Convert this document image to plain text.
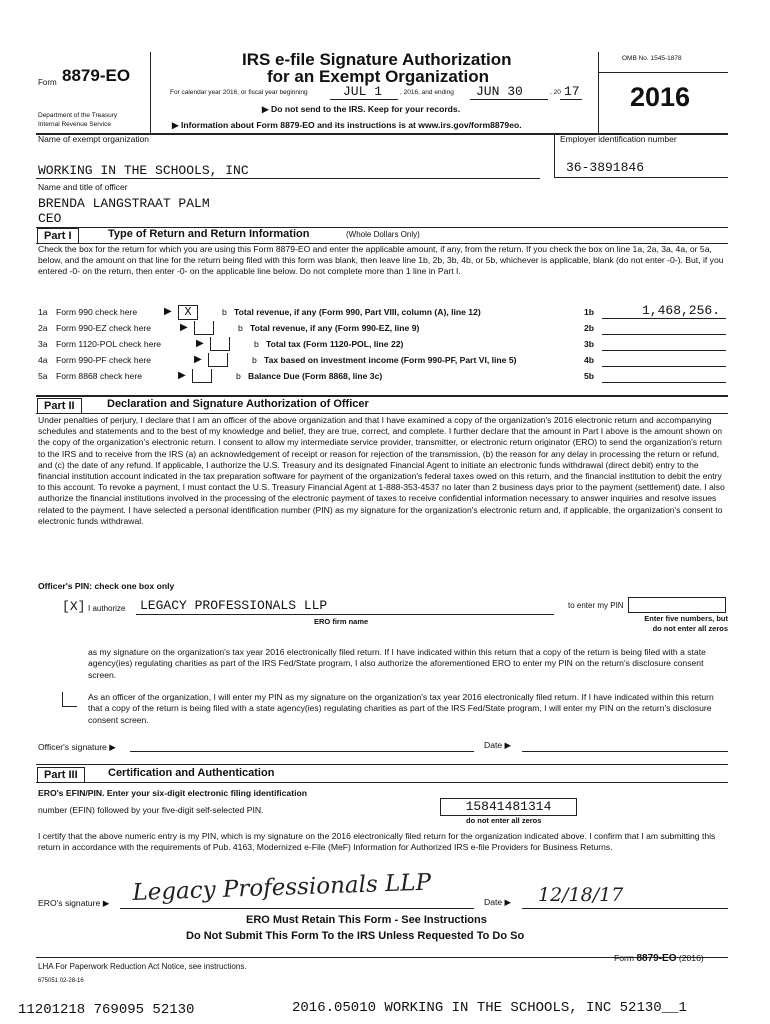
Form 8879-EO
Department of the Treasury
Internal Revenue Service
IRS e-file Signature Authorization
for an Exempt Organization
For calendar year 2016, or fiscal year beginning	JUL 1	, 2016, and ending JUN 30	, 20 17
▶ Do not send to the IRS. Keep for your records.
▶ Information about Form 8879-EO and its instructions is at www.irs.gov/form8879eo.
OMB No. 1545-1878
2016
Name of exempt organization	Employer identification number
WORKING IN THE SCHOOLS, INC	36-3891846
Name and title of officer
BRENDA LANGSTRAAT PALM
CEO
Part I	Type of Return and Return Information	(Whole Dollars Only)
Check the box for the return for which you are using this Form 8879-EO and enter the applicable amount, if any, from the return. If you check the box on line 1a, 2a, 3a, 4a, or 5a, below, and the amount on that line for the return being filed with this form was blank, then leave line 1b, 2b, 3b, 4b, or 5b, whichever is applicable, blank (do not enter -0-). But, if you entered -0- on the return, then enter -0- on the applicable line below. Do not complete more than 1 line in Part I.
1a Form 990 check here	▶	X	b Total revenue, if any (Form 990, Part VIII, column (A), line 12)	1b	1,468,256.
2a Form 990-EZ check here	▶	b Total revenue, if any (Form 990-EZ, line 9)	2b
3a Form 1120-POL check here	▶	b Total tax (Form 1120-POL, line 22)	3b
4a Form 990-PF check here	▶	b Tax based on investment income (Form 990-PF, Part VI, line 5)	4b
5a Form 8868 check here	▶	b Balance Due (Form 8868, line 3c)	5b
Part II	Declaration and Signature Authorization of Officer
Under penalties of perjury, I declare that I am an officer of the above organization and that I have examined a copy of the organization's 2016 electronic return and accompanying schedules and statements and to the best of my knowledge and belief, they are true, correct, and complete. I further declare that the amount in Part I above is the amount shown on the copy of the organization's electronic return. I consent to allow my intermediate service provider, transmitter, or electronic return originator (ERO) to send the organization's return to the IRS and to receive from the IRS (a) an acknowledgement of receipt or reason for rejection of the transmission, (b) the reason for any delay in processing the return or refund, and (c) the date of any refund. If applicable, I authorize the U.S. Treasury and its designated Financial Agent to initiate an electronic funds withdrawal (direct debit) entry to the financial institution account indicated in the tax preparation software for payment of the organization's federal taxes owed on this return, and the financial institution to debit the entry to this account. To revoke a payment, I must contact the U.S. Treasury Financial Agent at 1-888-353-4537 no later than 2 business days prior to the payment (settlement) date. I also authorize the financial institutions involved in the processing of the electronic payment of taxes to receive confidential information necessary to answer inquiries and resolve issues related to the payment. I have selected a personal identification number (PIN) as my signature for the organization's electronic return and, if applicable, the organization's consent to electronic funds withdrawal.
Officer's PIN: check one box only
[X] I authorize LEGACY PROFESSIONALS LLP
ERO firm name
to enter my PIN
Enter five numbers, but
do not enter all zeros
as my signature on the organization's tax year 2016 electronically filed return. If I have indicated within this return that a copy of the return is being filed with a state agency(ies) regulating charities as part of the IRS Fed/State program, I also authorize the aforementioned ERO to enter my PIN on the return's disclosure consent screen.
As an officer of the organization, I will enter my PIN as my signature on the organization's tax year 2016 electronically filed return. If I have indicated within this return that a copy of the return is being filed with a state agency(ies) regulating charities as part of the IRS Fed/State program, I will enter my PIN on the return's disclosure consent screen.
Officer's signature ▶	Date ▶
Part III	Certification and Authentication
ERO's EFIN/PIN. Enter your six-digit electronic filing identification
number (EFIN) followed by your five-digit self-selected PIN.	15841481314
do not enter all zeros
I certify that the above numeric entry is my PIN, which is my signature on the 2016 electronically filed return for the organization indicated above. I confirm that I am submitting this return in accordance with the requirements of Pub. 4163, Modernized e-File (MeF) Information for Authorized IRS e-file Providers for Business Returns.
ERO's signature ▶ Legacy Professionals LLP	Date ▶ 12/18/17
ERO Must Retain This Form - See Instructions
Do Not Submit This Form To the IRS Unless Requested To Do So
LHA For Paperwork Reduction Act Notice, see instructions.
675051 02-28-16
Form 8879-EO (2016)
11201218 769095 52130	2016.05010 WORKING IN THE SCHOOLS, INC 52130__1
